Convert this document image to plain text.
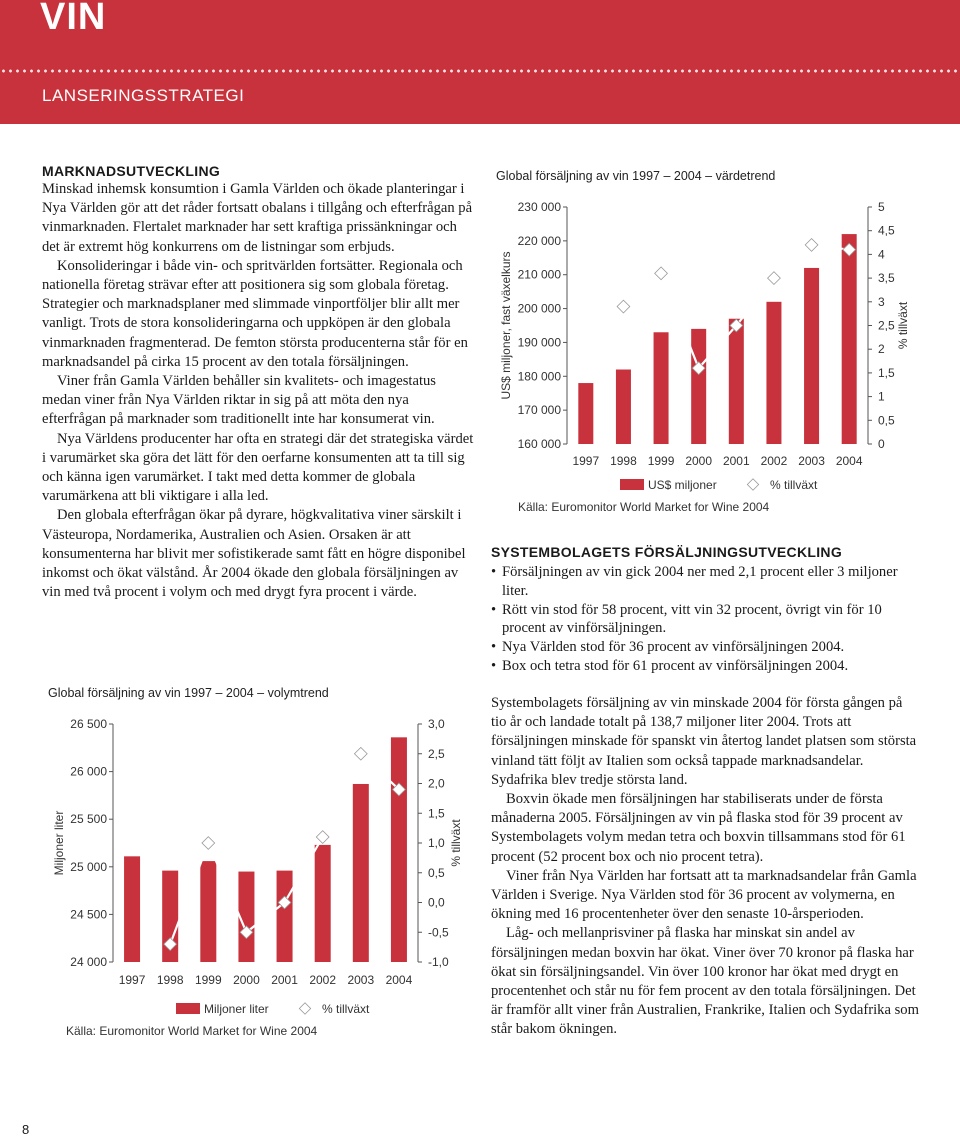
VIN
LANSERINGSSTRATEGI
MARKNADSUTVECKLING

Minskad inhemsk konsumtion i Gamla Världen och ökade planteringar i Nya Världen gör att det råder fortsatt obalans i tillgång och efterfrågan på vinmarknaden. Flertalet marknader har sett kraftiga prissänkningar och det är extremt hög konkurrens om de listningar som erbjuds.

Konsolideringar i både vin- och spritvärlden fortsätter. Regionala och nationella företag strävar efter att positionera sig som globala företag. Strategier och marknadsplaner med slimmade vinportföljer blir allt mer vanligt. Trots de stora konsolideringarna och uppköpen är den globala vinmarknaden fragmenterad. De femton största producenterna står för en marknadsandel på cirka 15 procent av den totala försäljningen.

Viner från Gamla Världen behåller sin kvalitets- och imagestatus medan viner från Nya Världen riktar in sig på att möta den nya efterfrågan på marknader som traditionellt inte har konsumerat vin.

Nya Världens producenter har ofta en strategi där det strategiska värdet i varumärket ska göra det lätt för den oerfarne konsumenten att ta till sig och känna igen varumärket. I takt med detta kommer de globala varumärkena att bli viktigare i alla led.

Den globala efterfrågan ökar på dyrare, högkvalitativa viner särskilt i Västeuropa, Nordamerika, Australien och Asien. Orsaken är att konsumenterna har blivit mer sofistikerade samt fått en högre disponibel inkomst och ökat välstånd. År 2004 ökade den globala försäljningen av vin med två procent i volym och med drygt fyra procent i värde.

Global försäljning av vin 1997 – 2004 – värdetrend
230 000
220 000
210 000
200 000
190 000
180 000
170 000
160 000
5
4,5
4
3,5
3
2,5
2
1,5
1
0,5
0
US$ miljoner, fast växelkurs	% tillväxt
1997 1998 1999 2000 2001 2002 2003 2004
US$ miljoner	% tillväxt
Källa: Euromonitor World Market for Wine 2004
Global försäljning av vin 1997 – 2004 – volymtrend
26 500
26 000
25 500
25 000
24 500
24 000
3,0
2,5
2,0
1,5
1,0
0,5
0,0
-0,5
-1,0
Miljoner liter	% tillväxt
1997 1998 1999 2000 2001 2002 2003 2004
Miljoner liter	% tillväxt
Källa: Euromonitor World Market for Wine 2004
SYSTEMBOLAGETS FÖRSÄLJNINGSUTVECKLING
• Försäljningen av vin gick 2004 ner med 2,1 procent eller 3 miljoner liter.
• Rött vin stod för 58 procent, vitt vin 32 procent, övrigt vin för 10 procent av vinförsäljningen.
• Nya Världen stod för 36 procent av vinförsäljningen 2004.
• Box och tetra stod för 61 procent av vinförsäljningen 2004.

Systembolagets försäljning av vin minskade 2004 för första gången på tio år och landade totalt på 138,7 miljoner liter 2004. Trots att försäljningen minskade för spanskt vin återtog landet platsen som största vinland tätt följt av Italien som också tappade marknadsandelar. Sydafrika blev tredje största land.

Boxvin ökade men försäljningen har stabiliserats under de första månaderna 2005. Försäljningen av vin på flaska stod för 39 procent av Systembolagets volym medan tetra och boxvin tillsammans stod för 61 procent (52 procent box och nio procent tetra).

Viner från Nya Världen har fortsatt att ta marknadsandelar från Gamla Världen i Sverige. Nya Världen stod för 36 procent av volymerna, en ökning med 16 procentenheter över den senaste 10-årsperioden.

Låg- och mellanprisviner på flaska har minskat sin andel av försäljningen medan boxvin har ökat. Viner över 70 kronor på flaska har ökat sin försäljningsandel. Vin över 100 kronor har ökat med drygt en procentenhet och står nu för fem procent av den totala försäljningen. Det är framför allt viner från Australien, Frankrike, Italien och Sydafrika som står bakom ökningen.

8
